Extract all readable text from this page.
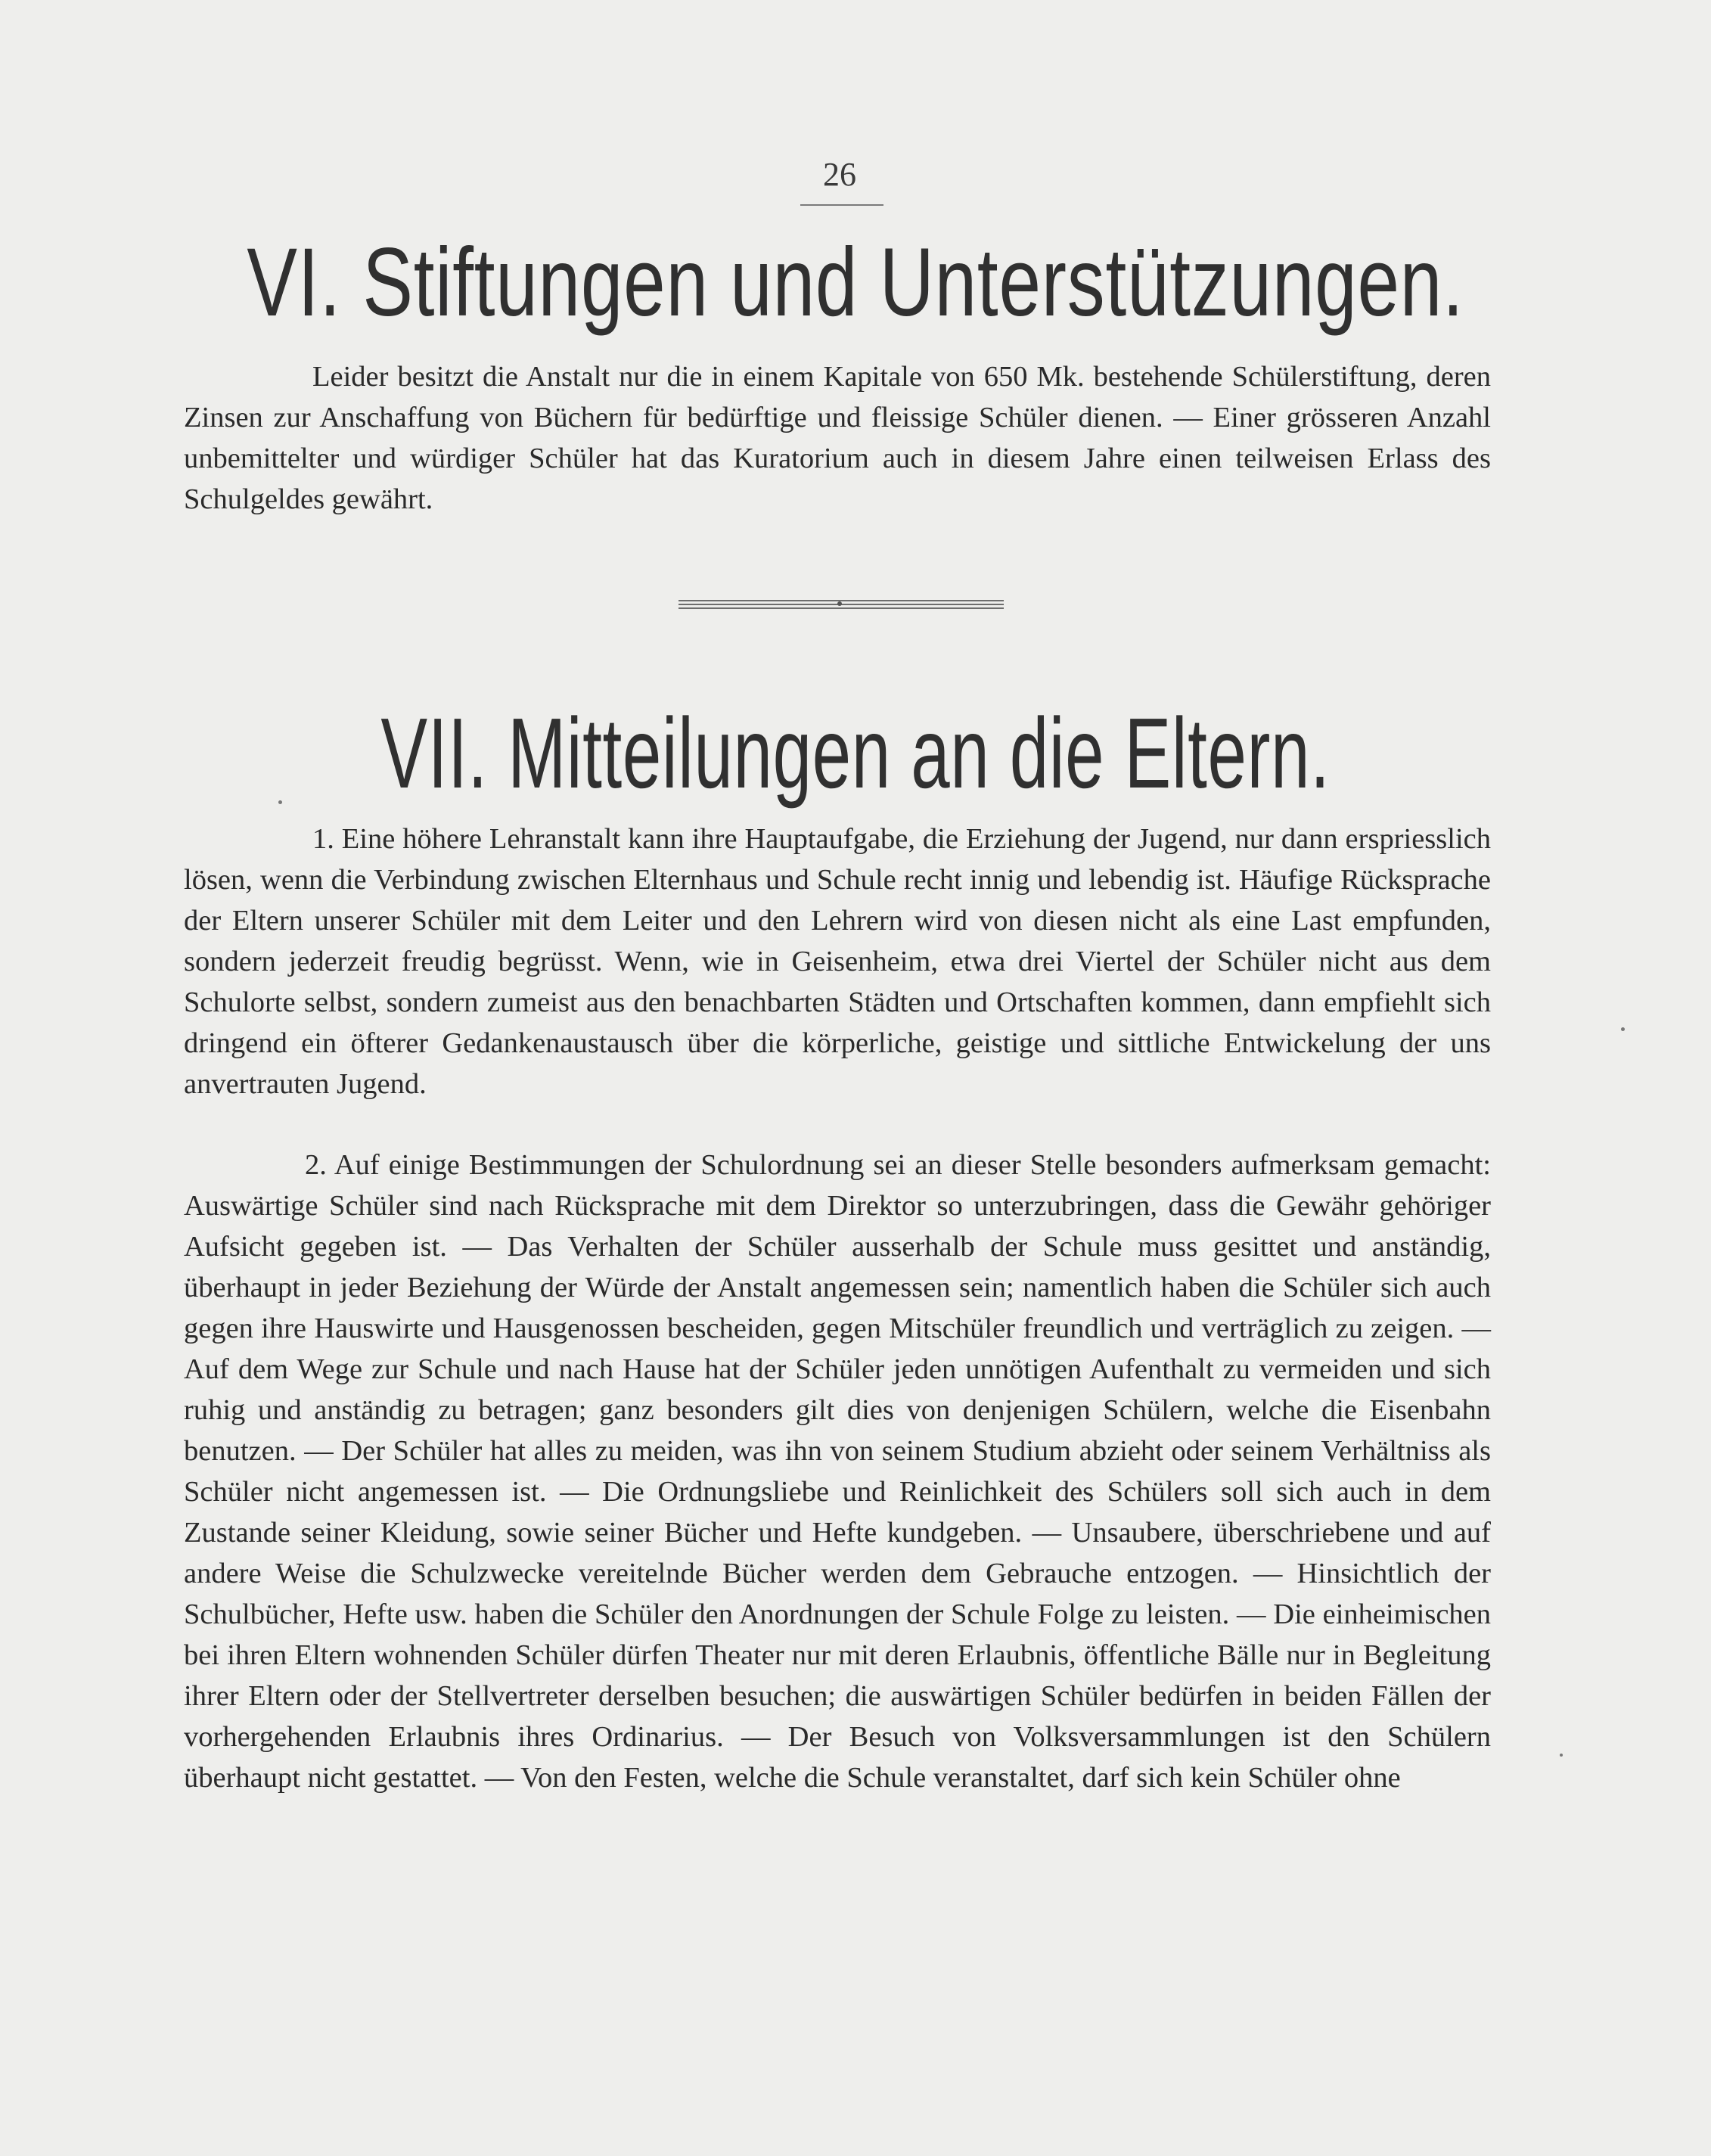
26
VI. Stiftungen und Unterstützungen.

Leider besitzt die Anstalt nur die in einem Kapitale von 650 Mk. bestehende Schülerstiftung, deren Zinsen zur Anschaffung von Büchern für bedürftige und fleissige Schüler dienen. — Einer grösseren Anzahl unbemittelter und würdiger Schüler hat das Kuratorium auch in diesem Jahre einen teilweisen Erlass des Schulgeldes gewährt.

VII. Mitteilungen an die Eltern.

1. Eine höhere Lehranstalt kann ihre Hauptaufgabe, die Erziehung der Jugend, nur dann erspriesslich lösen, wenn die Verbindung zwischen Elternhaus und Schule recht innig und lebendig ist. Häufige Rücksprache der Eltern unserer Schüler mit dem Leiter und den Lehrern wird von diesen nicht als eine Last empfunden, sondern jederzeit freudig begrüsst. Wenn, wie in Geisenheim, etwa drei Viertel der Schüler nicht aus dem Schulorte selbst, sondern zumeist aus den benachbarten Städten und Ortschaften kommen, dann empfiehlt sich dringend ein öfterer Gedankenaustausch über die körperliche, geistige und sittliche Entwickelung der uns anvertrauten Jugend.

2. Auf einige Bestimmungen der Schulordnung sei an dieser Stelle besonders aufmerksam gemacht: Auswärtige Schüler sind nach Rücksprache mit dem Direktor so unterzubringen, dass die Gewähr gehöriger Aufsicht gegeben ist. — Das Verhalten der Schüler ausserhalb der Schule muss gesittet und anständig, überhaupt in jeder Beziehung der Würde der Anstalt angemessen sein; namentlich haben die Schüler sich auch gegen ihre Hauswirte und Hausgenossen bescheiden, gegen Mitschüler freundlich und verträglich zu zeigen. — Auf dem Wege zur Schule und nach Hause hat der Schüler jeden unnötigen Aufenthalt zu vermeiden und sich ruhig und anständig zu betragen; ganz besonders gilt dies von denjenigen Schülern, welche die Eisenbahn benutzen. — Der Schüler hat alles zu meiden, was ihn von seinem Studium abzieht oder seinem Verhältniss als Schüler nicht angemessen ist. — Die Ordnungsliebe und Reinlichkeit des Schülers soll sich auch in dem Zustande seiner Kleidung, sowie seiner Bücher und Hefte kundgeben. — Unsaubere, überschriebene und auf andere Weise die Schulzwecke vereitelnde Bücher werden dem Gebrauche entzogen. — Hinsichtlich der Schulbücher, Hefte usw. haben die Schüler den Anordnungen der Schule Folge zu leisten. — Die einheimischen bei ihren Eltern wohnenden Schüler dürfen Theater nur mit deren Erlaubnis, öffentliche Bälle nur in Begleitung ihrer Eltern oder der Stellvertreter derselben besuchen; die auswärtigen Schüler bedürfen in beiden Fällen der vorhergehenden Erlaubnis ihres Ordinarius. — Der Besuch von Volksversammlungen ist den Schülern überhaupt nicht gestattet. — Von den Festen, welche die Schule veranstaltet, darf sich kein Schüler ohne
